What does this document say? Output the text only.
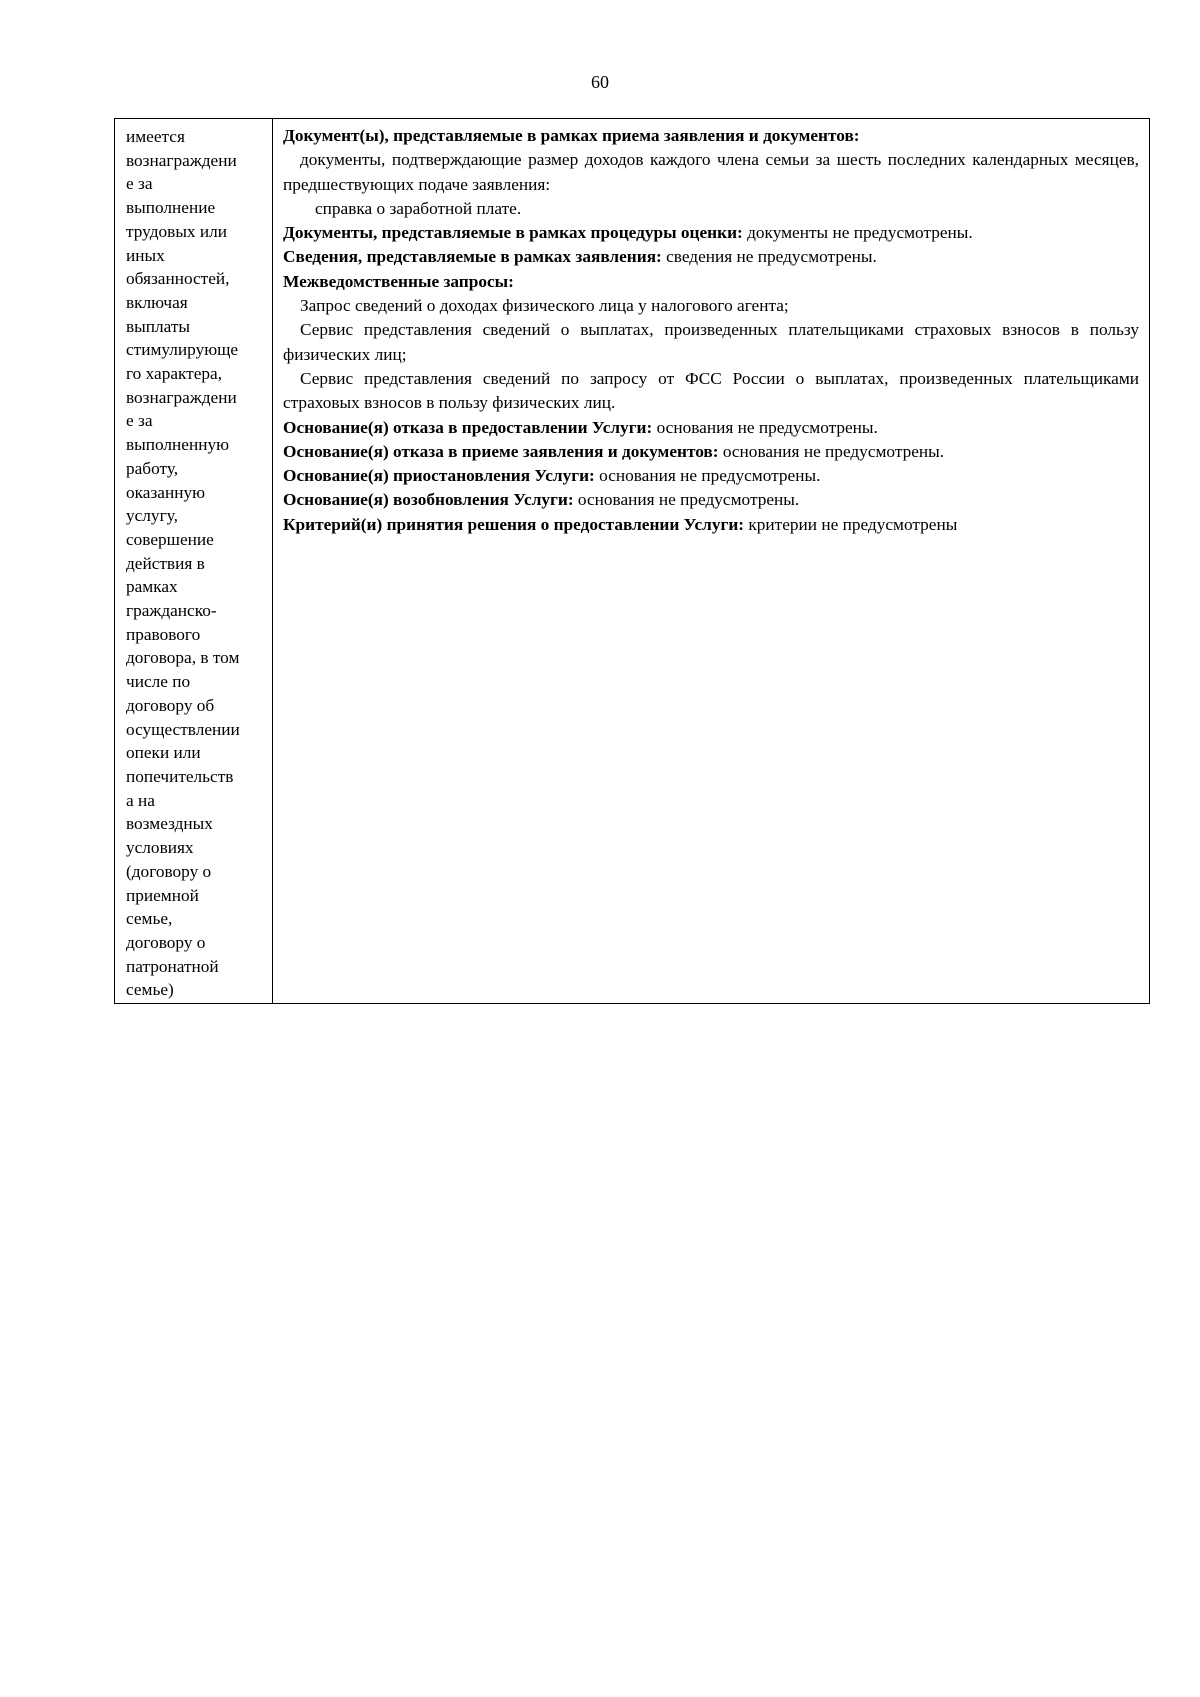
60
имеется
вознаграждени
е за
выполнение
трудовых или
иных
обязанностей,
включая
выплаты
стимулирующе
го характера,
вознаграждени
е за
выполненную
работу,
оказанную
услугу,
совершение
действия в
рамках
гражданско-
правового
договора, в том
числе по
договору об
осуществлении
опеки или
попечительств
а на
возмездных
условиях
(договору о
приемной
семье,
договору о
патронатной
семье)

Документ(ы), представляемые в рамках приема заявления и документов:

документы, подтверждающие размер доходов каждого члена семьи за шесть последних календарных месяцев, предшествующих подаче заявления:

справка о заработной плате.

Документы, представляемые в рамках процедуры оценки: документы не предусмотрены.

Сведения, представляемые в рамках заявления: сведения не предусмотрены.

Межведомственные запросы:

Запрос сведений о доходах физического лица у налогового агента;

Сервис представления сведений о выплатах, произведенных плательщиками страховых взносов в пользу физических лиц;

Сервис представления сведений по запросу от ФСС России о выплатах, произведенных плательщиками страховых взносов в пользу физических лиц.

Основание(я) отказа в предоставлении Услуги: основания не предусмотрены.

Основание(я) отказа в приеме заявления и документов: основания не предусмотрены.

Основание(я) приостановления Услуги: основания не предусмотрены.

Основание(я) возобновления Услуги: основания не предусмотрены.

Критерий(и) принятия решения о предоставлении Услуги: критерии не предусмотрены
